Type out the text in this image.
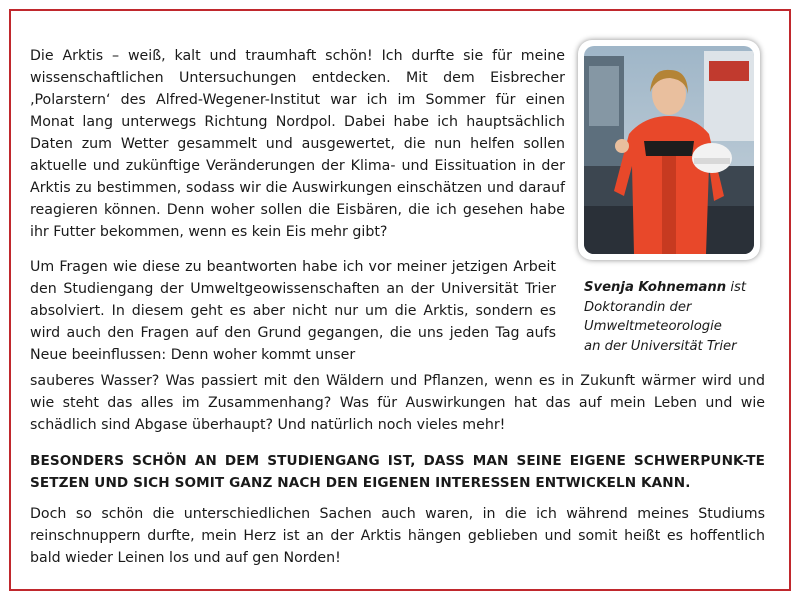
Die Arktis – weiß, kalt und traumhaft schön! Ich durfte sie für meine wissenschaftlichen Untersuchungen entdecken. Mit dem Eisbrecher ‚Polarstern‘ des Alfred-Wegener-Institut war ich im Sommer für einen Monat lang unterwegs Richtung Nordpol. Dabei habe ich hauptsächlich Daten zum Wetter gesammelt und ausgewertet, die nun helfen sollen aktuelle und zukünftige Veränderungen der Klima- und Eissituation in der Arktis zu bestimmen, sodass wir die Auswirkungen einschätzen und darauf reagieren können. Denn woher sollen die Eisbären, die ich gesehen habe ihr Futter bekommen, wenn es kein Eis mehr gibt?

Um Fragen wie diese zu beantworten habe ich vor meiner jetzigen Arbeit den Studiengang der Umweltgeowissenschaften an der Universität Trier absolviert. In diesem geht es aber nicht nur um die Arktis, sondern es wird auch den Fragen auf den Grund gegangen, die uns jeden Tag aufs Neue beeinflussen: Denn woher kommt unser

Svenja Kohnemann ist
Doktorandin der
Umweltmeteorologie
an der Universität Trier

sauberes Wasser? Was passiert mit den Wäldern und Pflanzen, wenn es in Zukunft wärmer wird und wie steht das alles im Zusammenhang? Was für Auswirkungen hat das auf mein Leben und wie schädlich sind Abgase überhaupt? Und natürlich noch vieles mehr!

BESONDERS SCHÖN AN DEM STUDIENGANG IST, DASS MAN SEINE EIGENE SCHWERPUNK-TE SETZEN UND SICH SOMIT GANZ NACH DEN EIGENEN INTERESSEN ENTWICKELN KANN.

Doch so schön die unterschiedlichen Sachen auch waren, in die ich während meines Studiums reinschnuppern durfte, mein Herz ist an der Arktis hängen geblieben und somit heißt es hoffentlich bald wieder Leinen los und auf gen Norden!
